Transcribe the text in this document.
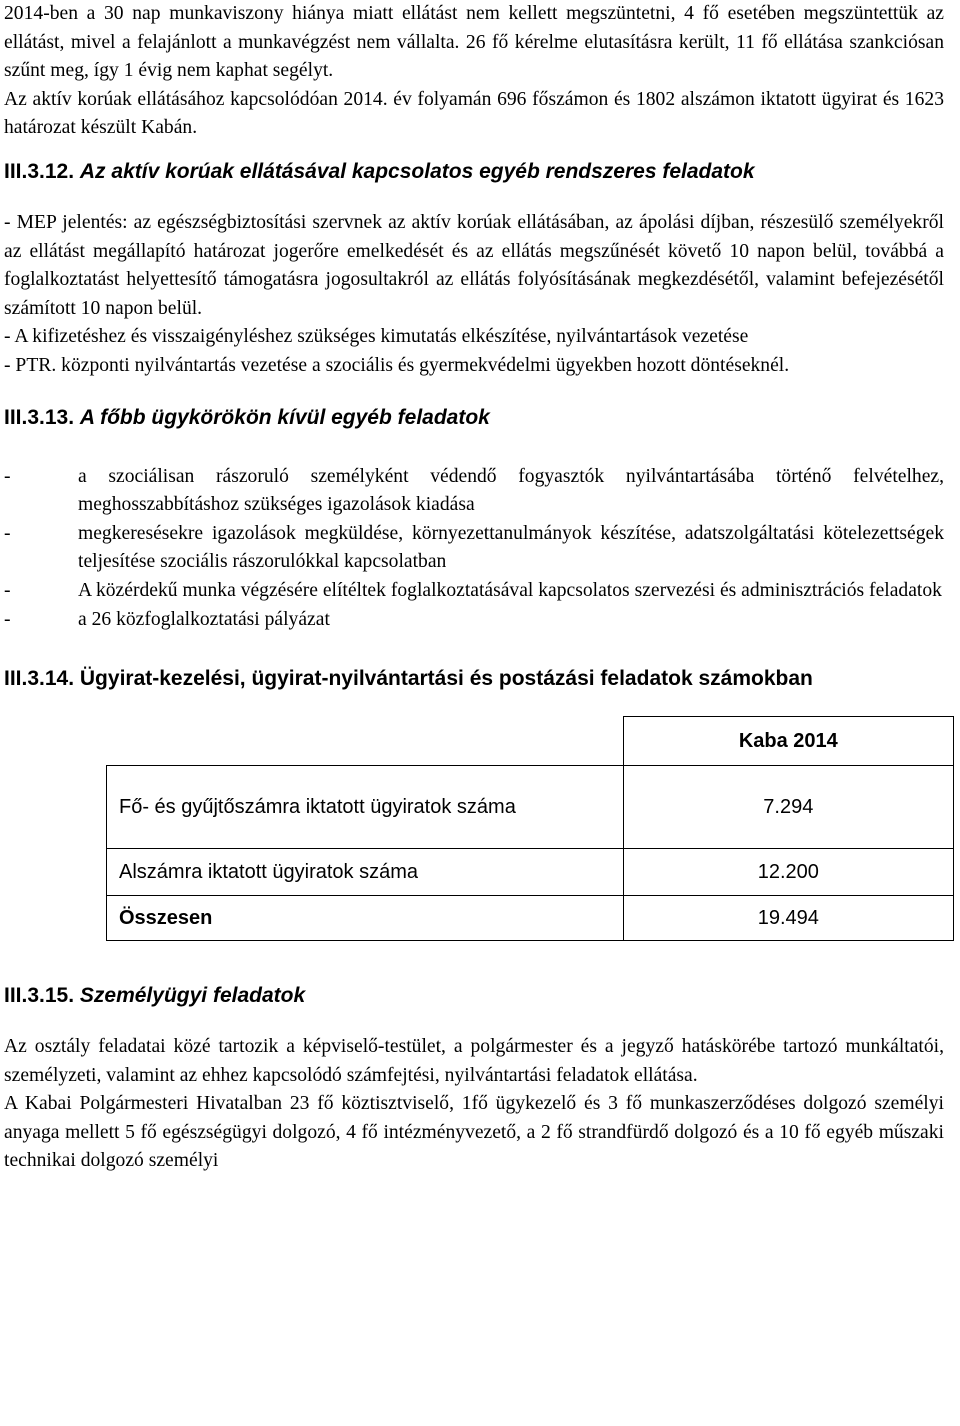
2014-ben a 30 nap munkaviszony hiánya miatt ellátást nem kellett megszüntetni, 4 fő esetében megszüntettük az ellátást, mivel a felajánlott a munkavégzést nem vállalta. 26 fő kérelme elutasításra került, 11 fő ellátása szankciósan szűnt meg, így 1 évig nem kaphat segélyt.

Az aktív korúak ellátásához kapcsolódóan 2014. év folyamán 696 főszámon és 1802 alszámon iktatott ügyirat és 1623 határozat készült Kabán.

III.3.12. Az aktív korúak ellátásával kapcsolatos egyéb rendszeres feladatok

- MEP jelentés: az egészségbiztosítási szervnek az aktív korúak ellátásában, az ápolási díjban, részesülő személyekről az ellátást megállapító határozat jogerőre emelkedését és az ellátás megszűnését követő 10 napon belül, továbbá a foglalkoztatást helyettesítő támogatásra jogosultakról az ellátás folyósításának megkezdésétől, valamint befejezésétől számított 10 napon belül.

- A kifizetéshez és visszaigényléshez szükséges kimutatás elkészítése, nyilvántartások vezetése

- PTR. központi nyilvántartás vezetése a szociális és gyermekvédelmi ügyekben hozott döntéseknél.

III.3.13. A főbb ügykörökön kívül egyéb feladatok
-	a szociálisan rászoruló személyként védendő fogyasztók nyilvántartásába történő felvételhez, meghosszabbításhoz szükséges igazolások kiadása
-	megkeresésekre igazolások megküldése, környezettanulmányok készítése, adatszolgáltatási kötelezettségek teljesítése szociális rászorulókkal kapcsolatban
-	A közérdekű munka végzésére elítéltek foglalkoztatásával kapcsolatos szervezési és adminisztrációs feladatok
-	a 26 közfoglalkoztatási pályázat
III.3.14. Ügyirat-kezelési, ügyirat-nyilvántartási és postázási feladatok számokban
	Kaba 2014
Fő- és gyűjtőszámra iktatott ügyiratok száma	7.294
Alszámra iktatott ügyiratok száma	12.200
Összesen	19.494
III.3.15. Személyügyi feladatok

Az osztály feladatai közé tartozik a képviselő-testület, a polgármester és a jegyző hatáskörébe tartozó munkáltatói, személyzeti, valamint az ehhez kapcsolódó számfejtési, nyilvántartási feladatok ellátása.

A Kabai Polgármesteri Hivatalban 23 fő köztisztviselő, 1fő ügykezelő és 3 fő munkaszerződéses dolgozó személyi anyaga mellett 5 fő egészségügyi dolgozó, 4 fő intézményvezető, a 2 fő strandfürdő dolgozó és a 10 fő egyéb műszaki technikai dolgozó személyi
